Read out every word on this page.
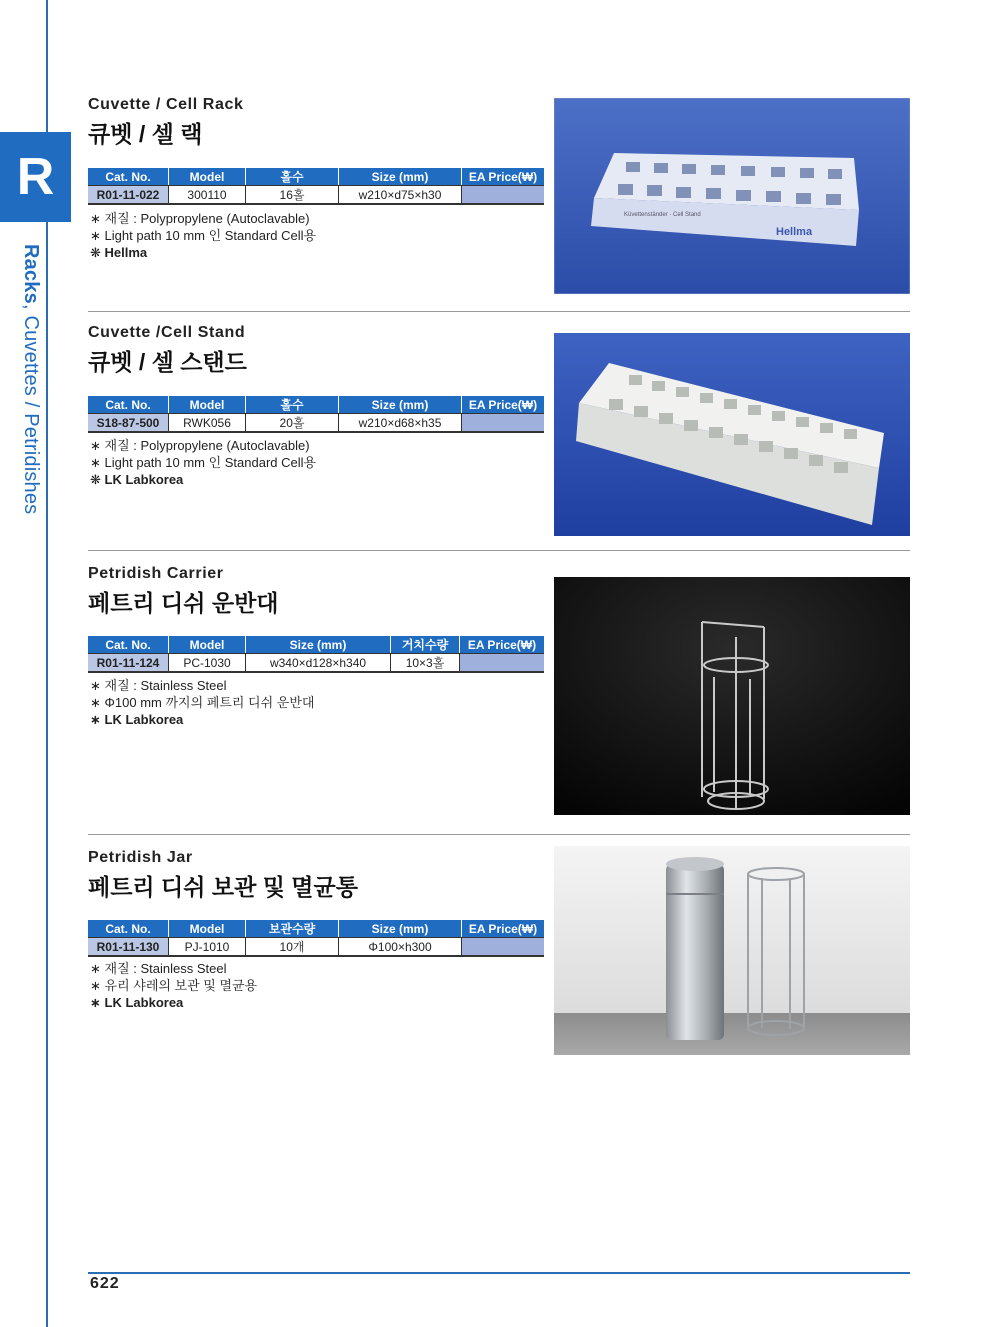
R
Racks, Cuvettes / Petridishes
Cuvette / Cell Rack
큐벳 / 셀 랙
Cat. No.	Model	홀수	Size (mm)	EA Price(₩)
R01-11-022	300110	16홀	w210×d75×h30	
∗ 재질 : Polypropylene (Autoclavable)
∗ Light path 10 mm 인 Standard Cell용
❋ Hellma
Küvettenständer · Cell Stand
Hellma
Cuvette /Cell Stand
큐벳 / 셀 스탠드
Cat. No.	Model	홀수	Size (mm)	EA Price(₩)
S18-87-500	RWK056	20홀	w210×d68×h35	
∗ 재질 : Polypropylene (Autoclavable)
∗ Light path 10 mm 인 Standard Cell용
❋ LK Labkorea
Petridish Carrier
페트리 디쉬 운반대
Cat. No.	Model	Size (mm)	거치수량	EA Price(₩)
R01-11-124	PC-1030	w340×d128×h340	10×3홀	
∗ 재질 : Stainless Steel
∗ Φ100 mm 까지의 페트리 디쉬 운반대
∗ LK Labkorea
Petridish Jar
페트리 디쉬 보관 및 멸균통
Cat. No.	Model	보관수량	Size (mm)	EA Price(₩)
R01-11-130	PJ-1010	10개	Φ100×h300	
∗ 재질 : Stainless Steel
∗ 유리 샤레의 보관 및 멸균용
∗ LK Labkorea
622
